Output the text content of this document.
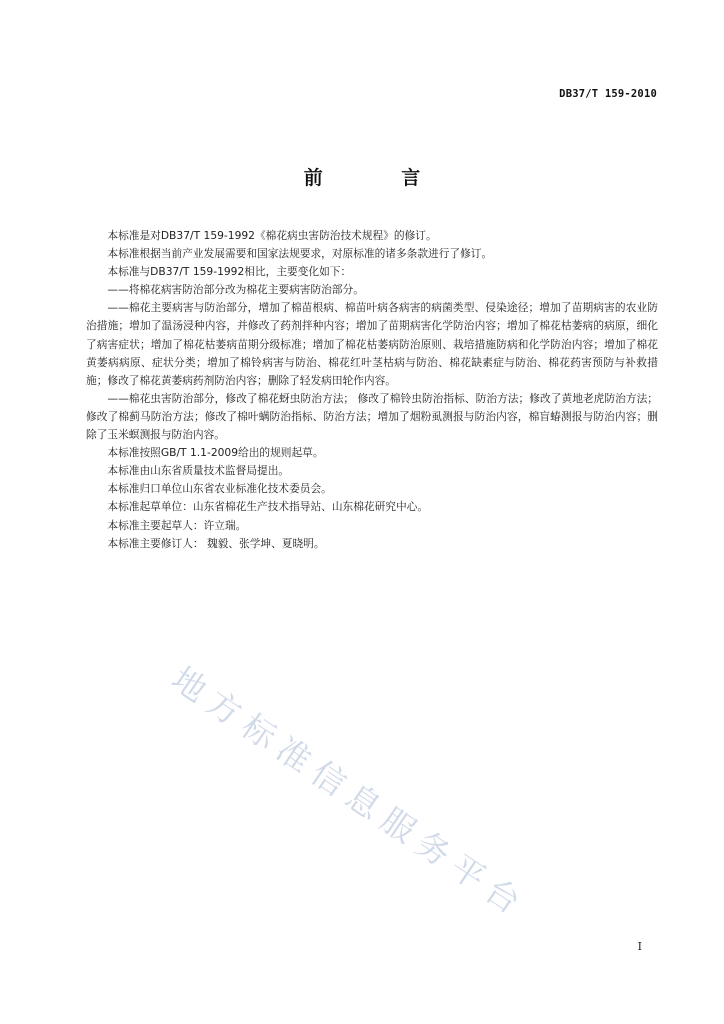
DB37/T 159-2010
前 言

本标准是对DB37/T 159-1992《棉花病虫害防治技术规程》的修订。

本标准根据当前产业发展需要和国家法规要求，对原标准的诸多条款进行了修订。

本标准与DB37/T 159-1992相比，主要变化如下：

——将棉花病害防治部分改为棉花主要病害防治部分。

——棉花主要病害与防治部分，增加了棉苗根病、棉苗叶病各病害的病菌类型、侵染途径；增加了苗期病害的农业防治措施；增加了温汤浸种内容，并修改了药剂拌种内容；增加了苗期病害化学防治内容；增加了棉花枯萎病的病原，细化了病害症状；增加了棉花枯萎病苗期分级标准；增加了棉花枯萎病防治原则、栽培措施防病和化学防治内容；增加了棉花黄萎病病原、症状分类；增加了棉铃病害与防治、棉花红叶茎枯病与防治、棉花缺素症与防治、棉花药害预防与补救措施；修改了棉花黄萎病药剂防治内容；删除了轻发病田轮作内容。

——棉花虫害防治部分，修改了棉花蚜虫防治方法； 修改了棉铃虫防治指标、防治方法；修改了黄地老虎防治方法；修改了棉蓟马防治方法；修改了棉叶螨防治指标、防治方法；增加了烟粉虱测报与防治内容，棉盲蝽测报与防治内容；删除了玉米螟测报与防治内容。

本标准按照GB/T 1.1-2009给出的规则起草。

本标准由山东省质量技术监督局提出。

本标准归口单位山东省农业标准化技术委员会。

本标准起草单位：山东省棉花生产技术指导站、山东棉花研究中心。

本标准主要起草人：许立瑞。

本标准主要修订人： 魏毅、张学坤、夏晓明。

地方标准信息服务平台
I
